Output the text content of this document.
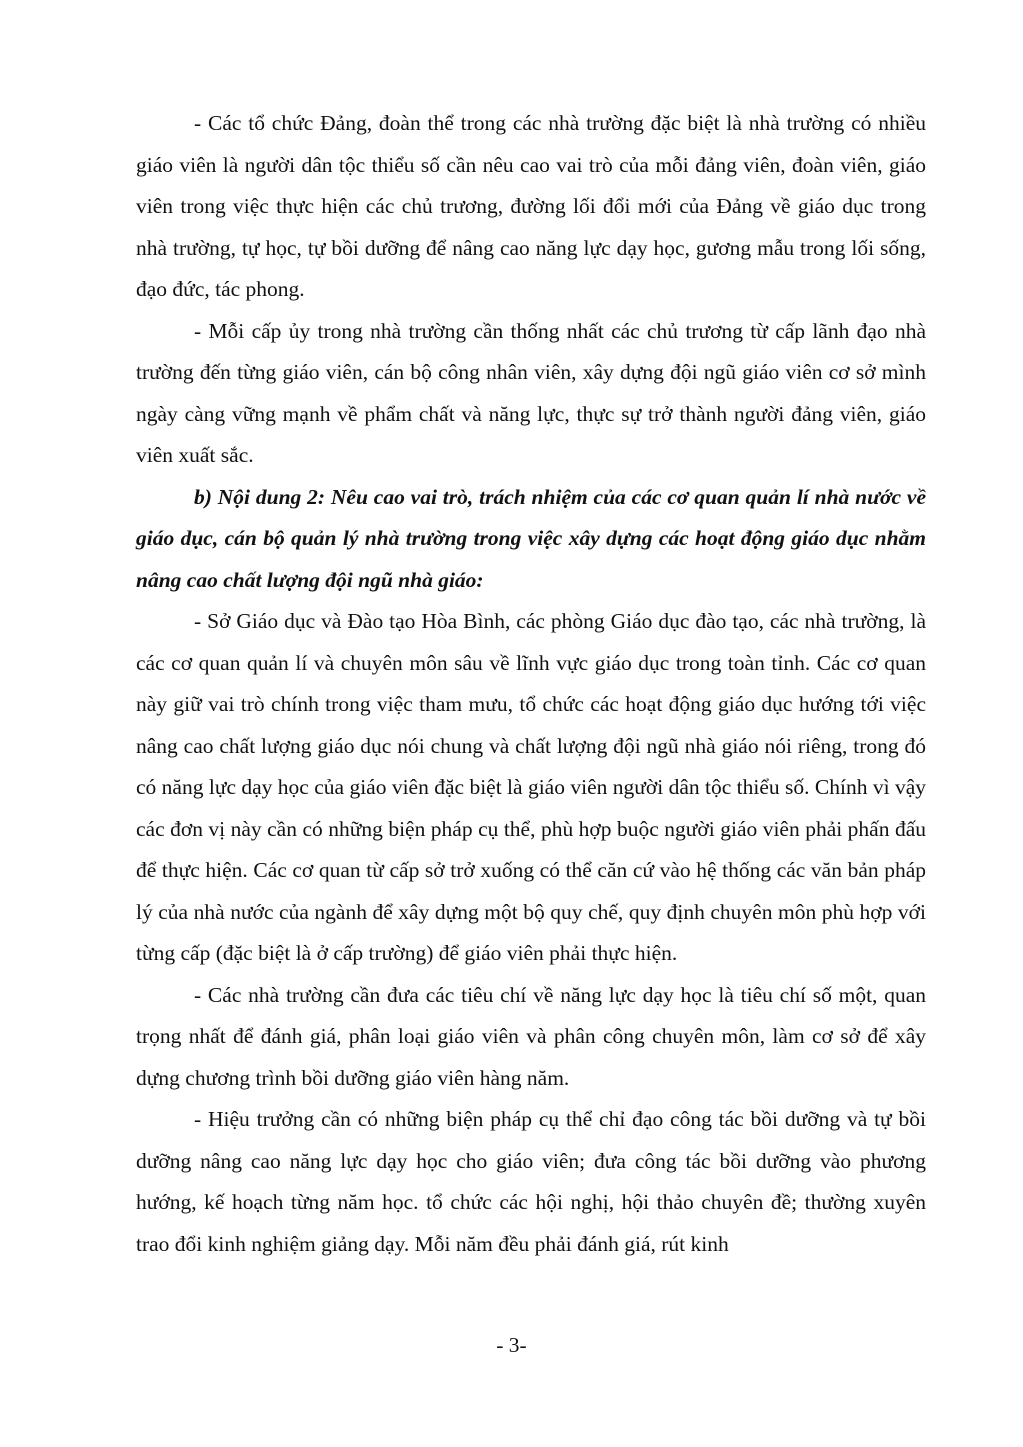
- Các tổ chức Đảng, đoàn thể trong các nhà trường đặc biệt là nhà trường có nhiều giáo viên là người dân tộc thiểu số cần nêu cao vai trò của mỗi đảng viên, đoàn viên, giáo viên trong việc thực hiện các chủ trương, đường lối đổi mới của Đảng về giáo dục trong nhà trường, tự học, tự bồi dưỡng để nâng cao năng lực dạy học, gương mẫu trong lối sống, đạo đức, tác phong.

- Mỗi cấp ủy trong nhà trường cần thống nhất các chủ trương từ cấp lãnh đạo nhà trường đến từng giáo viên, cán bộ công nhân viên, xây dựng đội ngũ giáo viên cơ sở mình ngày càng vững mạnh về phẩm chất và năng lực, thực sự trở thành người đảng viên, giáo viên xuất sắc.

b) Nội dung 2: Nêu cao vai trò, trách nhiệm của các cơ quan quản lí nhà nước về giáo dục, cán bộ quản lý nhà trường trong việc xây dựng các hoạt động giáo dục nhằm nâng cao chất lượng đội ngũ nhà giáo:

- Sở Giáo dục và Đào tạo Hòa Bình, các phòng Giáo dục đào tạo, các nhà trường, là các cơ quan quản lí và chuyên môn sâu về lĩnh vực giáo dục trong toàn tỉnh. Các cơ quan này giữ vai trò chính trong việc tham mưu, tổ chức các hoạt động giáo dục hướng tới việc nâng cao chất lượng giáo dục nói chung và chất lượng đội ngũ nhà giáo nói riêng, trong đó có năng lực dạy học của giáo viên đặc biệt là giáo viên người dân tộc thiểu số. Chính vì vậy các đơn vị này cần có những biện pháp cụ thể, phù hợp buộc người giáo viên phải phấn đấu để thực hiện. Các cơ quan từ cấp sở trở xuống có thể căn cứ vào hệ thống các văn bản pháp lý của nhà nước của ngành để xây dựng một bộ quy chế, quy định chuyên môn phù hợp với từng cấp (đặc biệt là ở cấp trường) để giáo viên phải thực hiện.

- Các nhà trường cần đưa các tiêu chí về năng lực dạy học là tiêu chí số một, quan trọng nhất để đánh giá, phân loại giáo viên và phân công chuyên môn, làm cơ sở để xây dựng chương trình bồi dưỡng giáo viên hàng năm.

- Hiệu trưởng cần có những biện pháp cụ thể chỉ đạo công tác bồi dưỡng và tự bồi dưỡng nâng cao năng lực dạy học cho giáo viên; đưa công tác bồi dưỡng vào phương hướng, kế hoạch từng năm học. tổ chức các hội nghị, hội thảo chuyên đề; thường xuyên trao đổi kinh nghiệm giảng dạy. Mỗi năm đều phải đánh giá, rút kinh

- 3-
